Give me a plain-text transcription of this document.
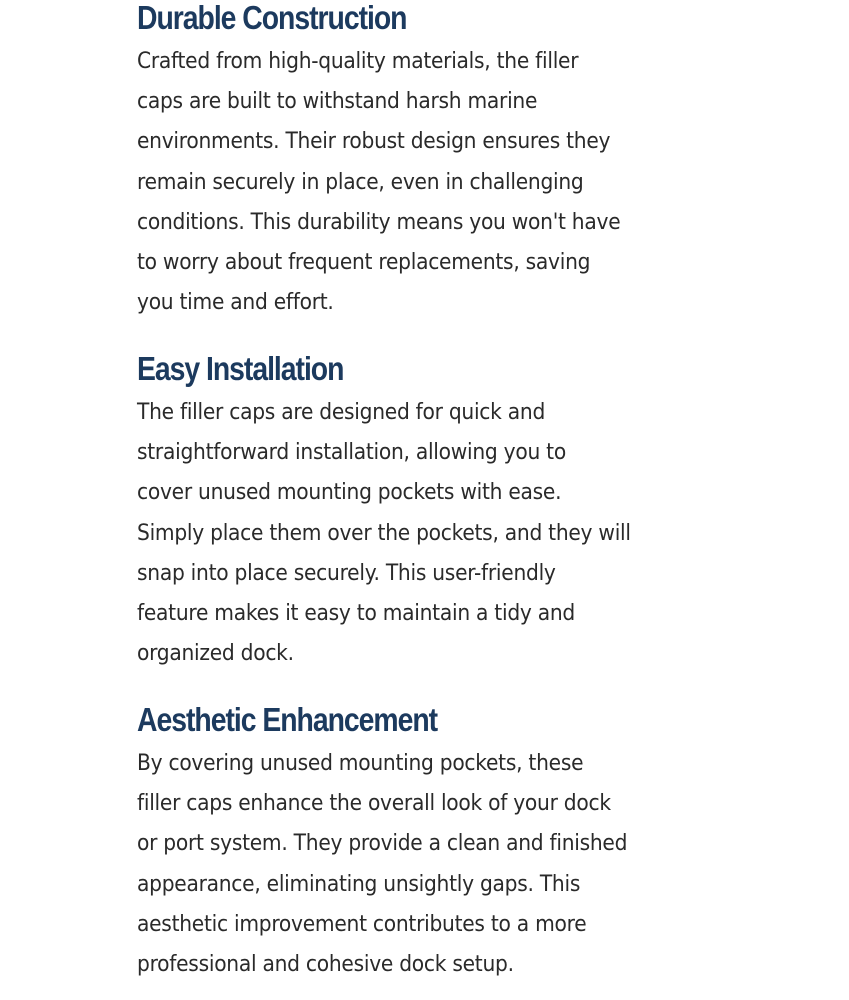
Durable Construction

Crafted from high-quality materials, the filler
caps are built to withstand harsh marine
environments. Their robust design ensures they
remain securely in place, even in challenging
conditions. This durability means you won't have
to worry about frequent replacements, saving
you time and effort.

Easy Installation

The filler caps are designed for quick and
straightforward installation, allowing you to
cover unused mounting pockets with ease.
Simply place them over the pockets, and they will
snap into place securely. This user-friendly
feature makes it easy to maintain a tidy and
organized dock.

Aesthetic Enhancement

By covering unused mounting pockets, these
filler caps enhance the overall look of your dock
or port system. They provide a clean and finished
appearance, eliminating unsightly gaps. This
aesthetic improvement contributes to a more
professional and cohesive dock setup.
